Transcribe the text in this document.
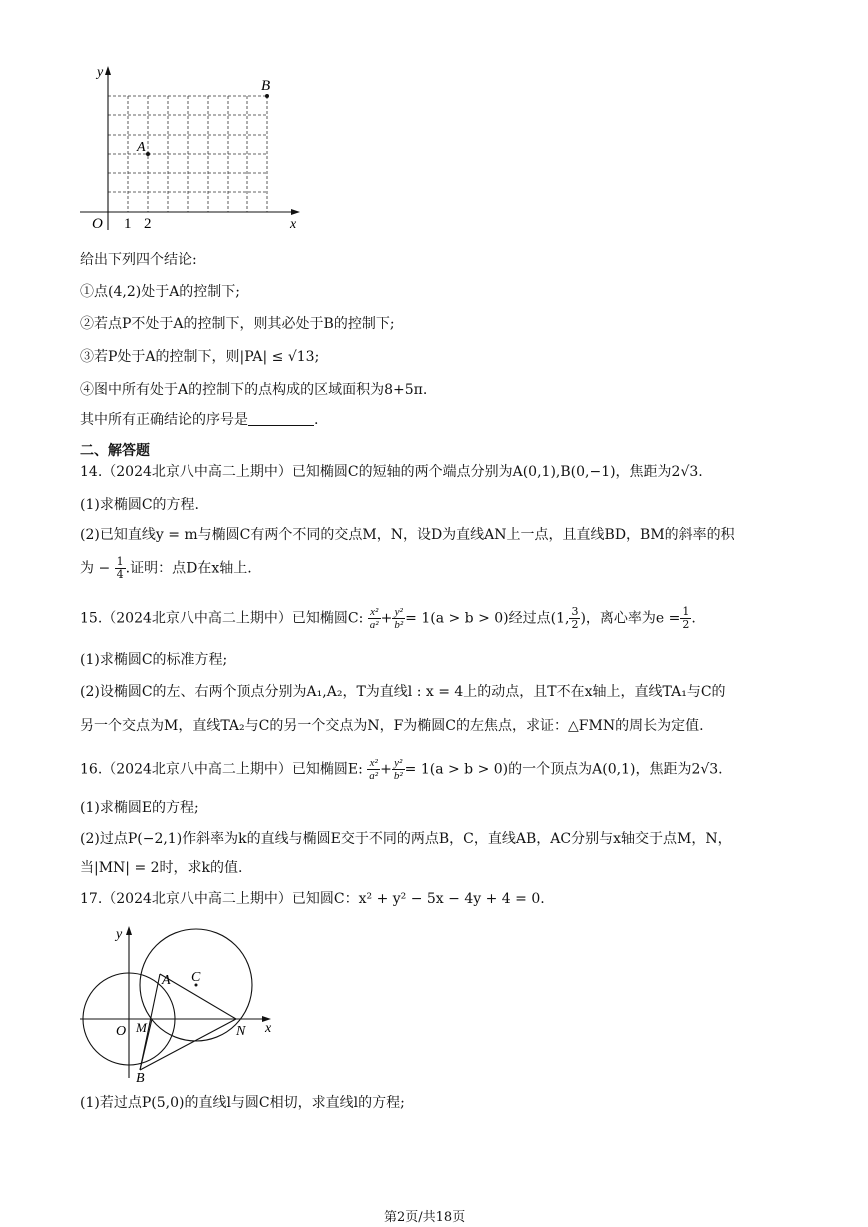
y
x
O 1 2
A
B
给出下列四个结论:
①点(4,2)处于A的控制下;
②若点P不处于A的控制下，则其必处于B的控制下;
③若P处于A的控制下，则|PA| ≤ √13;
④图中所有处于A的控制下的点构成的区域面积为8+5π.
其中所有正确结论的序号是	.
二、解答题
14.（2024北京八中高二上期中）已知椭圆C的短轴的两个端点分别为A(0,1),B(0,−1)，焦距为2√3.
(1)求椭圆C的方程.
(2)已知直线y = m与椭圆C有两个不同的交点M，N，设D为直线AN上一点，且直线BD，BM的斜率的积
为 − $\frac{1}{4}$ .证明：点D在x轴上.
15.（2024北京八中高二上期中）已知椭圆C: $\frac{\text{x²}}{\text{a²}} + \frac{\text{y²}}{\text{b²}} = 1(a > b > 0)$经过点(1, $\frac{3}{2}$ )，离心率为$e = \frac{1}{2}$ .
(1)求椭圆C的标准方程;
(2)设椭圆C的左、右两个顶点分别为A₁,A₂，T为直线l : x = 4上的动点，且T不在x轴上，直线TA₁与C的
另一个交点为M，直线TA₂与C的另一个交点为N，F为椭圆C的左焦点，求证：△FMN的周长为定值.
16.（2024北京八中高二上期中）已知椭圆E: $\frac{\text{x²}}{\text{a²}} + \frac{\text{y²}}{\text{b²}} = 1(a > b > 0)$的一个顶点为A(0,1)，焦距为2√3.
(1)求椭圆E的方程;
(2)过点P(−2,1)作斜率为k的直线与椭圆E交于不同的两点B，C，直线AB，AC分别与x轴交于点M，N，
当|MN| = 2时，求k的值.
17.（2024北京八中高二上期中）已知圆C：x² + y² − 5x − 4y + 4 = 0.
y
x
O M	N
A
B
C
(1)若过点P(5,0)的直线l与圆C相切，求直线l的方程;
第2页/共18页
